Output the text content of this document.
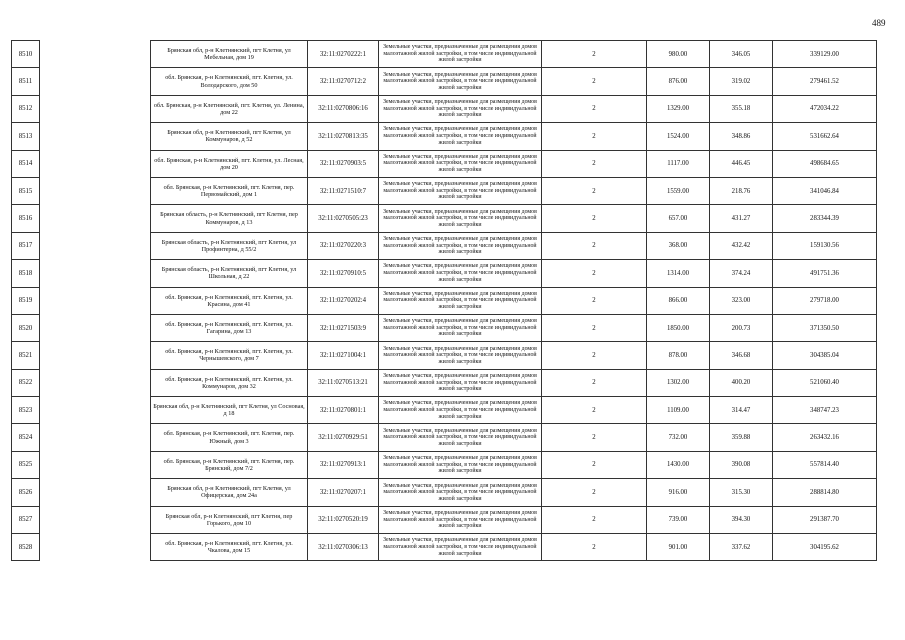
489
8510		Брянская обл, р-н Клетнянский, пгт Клетня, ул Мебельная, дом 19	32:11:0270222:1	Земельные участки, предназначенные для размещения домов малоэтажной жилой застройки, в том числе индивидуальной жилой застройки	2	980.00	346.05	339129.00
8511		обл. Брянская, р-н Клетнянский, пгт. Клетня, ул. Володарского, дом 50	32:11:0270712:2	Земельные участки, предназначенные для размещения домов малоэтажной жилой застройки, в том числе индивидуальной жилой застройки	2	876.00	319.02	279461.52
8512		обл. Брянская, р-н Клетнянский, пгт. Клетня, ул. Ленина, дом 22	32:11:0270806:16	Земельные участки, предназначенные для размещения домов малоэтажной жилой застройки, в том числе индивидуальной жилой застройки	2	1329.00	355.18	472034.22
8513		Брянская обл, р-н Клетнянский, пгт Клетня, ул Коммунаров, д 52	32:11:0270813:35	Земельные участки, предназначенные для размещения домов малоэтажной жилой застройки, в том числе индивидуальной жилой застройки	2	1524.00	348.86	531662.64
8514		обл. Брянская, р-н Клетнянский, пгт. Клетня, ул. Лесная, дом 20	32:11:0270903:5	Земельные участки, предназначенные для размещения домов малоэтажной жилой застройки, в том числе индивидуальной жилой застройки	2	1117.00	446.45	498684.65
8515		обл. Брянская, р-н Клетнянский, пгт. Клетня, пер. Первомайский, дом 1	32:11:0271510:7	Земельные участки, предназначенные для размещения домов малоэтажной жилой застройки, в том числе индивидуальной жилой застройки	2	1559.00	218.76	341046.84
8516		Брянская область, р-н Клетнянский, пгт Клетня, пер Коммунаров, д 13	32:11:0270505:23	Земельные участки, предназначенные для размещения домов малоэтажной жилой застройки, в том числе индивидуальной жилой застройки	2	657.00	431.27	283344.39
8517		Брянская область, р-н Клетнянский, пгт Клетня, ул Профинтерна, д 55/2	32:11:0270220:3	Земельные участки, предназначенные для размещения домов малоэтажной жилой застройки, в том числе индивидуальной жилой застройки	2	368.00	432.42	159130.56
8518		Брянская область, р-н Клетнянский, пгт Клетня, ул Школьная, д 22	32:11:0270910:5	Земельные участки, предназначенные для размещения домов малоэтажной жилой застройки, в том числе индивидуальной жилой застройки	2	1314.00	374.24	491751.36
8519		обл. Брянская, р-н Клетнянский, пгт. Клетня, ул. Красина, дом 41	32:11:0270202:4	Земельные участки, предназначенные для размещения домов малоэтажной жилой застройки, в том числе индивидуальной жилой застройки	2	866.00	323.00	279718.00
8520		обл. Брянская, р-н Клетнянский, пгт. Клетня, ул. Гагарина, дом 13	32:11:0271503:9	Земельные участки, предназначенные для размещения домов малоэтажной жилой застройки, в том числе индивидуальной жилой застройки	2	1850.00	200.73	371350.50
8521		обл. Брянская, р-н Клетнянский, пгт. Клетня, ул. Чернышевского, дом 7	32:11:0271004:1	Земельные участки, предназначенные для размещения домов малоэтажной жилой застройки, в том числе индивидуальной жилой застройки	2	878.00	346.68	304385.04
8522		обл. Брянская, р-н Клетнянский, пгт. Клетня, ул. Коммунаров, дом 32	32:11:0270513:21	Земельные участки, предназначенные для размещения домов малоэтажной жилой застройки, в том числе индивидуальной жилой застройки	2	1302.00	400.20	521060.40
8523		Брянская обл, р-н Клетнянский, пгт Клетня, ул Сосновая, д 18	32:11:0270801:1	Земельные участки, предназначенные для размещения домов малоэтажной жилой застройки, в том числе индивидуальной жилой застройки	2	1109.00	314.47	348747.23
8524		обл. Брянская, р-н Клетнянский, пгт. Клетня, пер. Южный, дом 3	32:11:0270929:51	Земельные участки, предназначенные для размещения домов малоэтажной жилой застройки, в том числе индивидуальной жилой застройки	2	732.00	359.88	263432.16
8525		обл. Брянская, р-н Клетнянский, пгт. Клетня, пер. Брянский, дом 7/2	32:11:0270913:1	Земельные участки, предназначенные для размещения домов малоэтажной жилой застройки, в том числе индивидуальной жилой застройки	2	1430.00	390.08	557814.40
8526		Брянская обл, р-н Клетнянский, пгт Клетня, ул Офицерская, дом 24а	32:11:0270207:1	Земельные участки, предназначенные для размещения домов малоэтажной жилой застройки, в том числе индивидуальной жилой застройки	2	916.00	315.30	288814.80
8527		Брянская обл, р-н Клетнянский, пгт Клетня, пер Горького, дом 10	32:11:0270520:19	Земельные участки, предназначенные для размещения домов малоэтажной жилой застройки, в том числе индивидуальной жилой застройки	2	739.00	394.30	291387.70
8528		обл. Брянская, р-н Клетнянский, пгт. Клетня, ул. Чкалова, дом 15	32:11:0270306:13	Земельные участки, предназначенные для размещения домов малоэтажной жилой застройки, в том числе индивидуальной жилой застройки	2	901.00	337.62	304195.62
